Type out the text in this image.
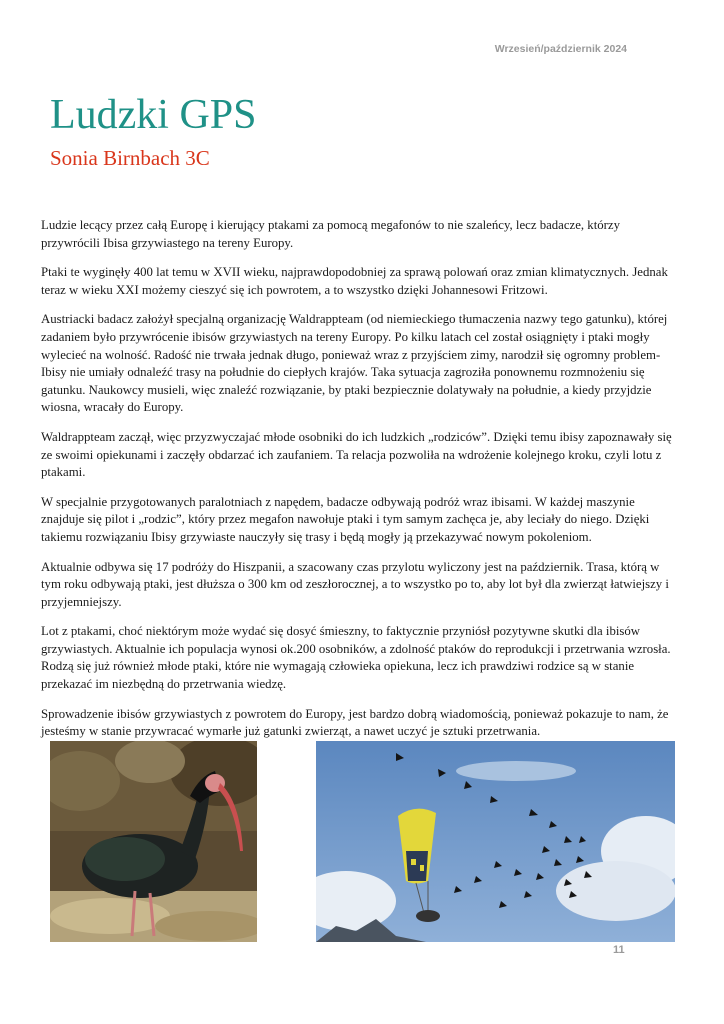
Wrzesień/październik 2024
Ludzki GPS
Sonia Birnbach 3C

Ludzie lecący przez całą Europę i kierujący ptakami za pomocą megafonów to nie szaleńcy, lecz badacze, którzy przywrócili Ibisa grzywiastego na tereny Europy.

Ptaki te wyginęły 400 lat temu w XVII wieku, najprawdopodobniej za sprawą polowań oraz zmian klimatycznych. Jednak teraz w wieku XXI możemy cieszyć się ich powrotem, a to wszystko dzięki Johannesowi Fritzowi.

Austriacki badacz założył specjalną organizację Waldrappteam (od niemieckiego tłumaczenia nazwy tego gatunku), której zadaniem było przywrócenie ibisów grzywiastych na tereny Europy. Po kilku latach cel został osiągnięty i ptaki mogły wylecieć na wolność. Radość nie trwała jednak długo, ponieważ wraz z przyjściem zimy, narodził się ogromny problem- Ibisy nie umiały odnaleźć trasy na południe do ciepłych krajów. Taka sytuacja zagroziła ponownemu rozmnożeniu się gatunku. Naukowcy musieli, więc znaleźć rozwiązanie, by ptaki bezpiecznie dolatywały na południe, a kiedy przyjdzie wiosna, wracały do Europy.

Waldrappteam zaczął, więc przyzwyczajać młode osobniki do ich ludzkich „rodziców”. Dzięki temu ibisy zapoznawały się ze swoimi opiekunami i zaczęły obdarzać ich zaufaniem. Ta relacja pozwoliła na wdrożenie kolejnego kroku, czyli lotu z ptakami.

W specjalnie przygotowanych paralotniach z napędem, badacze odbywają podróż wraz ibisami. W każdej maszynie znajduje się pilot i „rodzic”, który przez megafon nawołuje ptaki i tym samym zachęca je, aby leciały do niego. Dzięki takiemu rozwiązaniu Ibisy grzywiaste nauczyły się trasy i będą mogły ją przekazywać nowym pokoleniom.

Aktualnie odbywa się 17 podróży do Hiszpanii, a szacowany czas przylotu wyliczony jest na październik. Trasa, którą w tym roku odbywają ptaki, jest dłuższa o 300 km od zeszłorocznej, a to wszystko po to, aby lot był dla zwierząt łatwiejszy i przyjemniejszy.

Lot z ptakami, choć niektórym może wydać się dosyć śmieszny, to faktycznie przyniósł pozytywne skutki dla ibisów grzywiastych. Aktualnie ich populacja wynosi ok.200 osobników, a zdolność ptaków do reprodukcji i przetrwania wzrosła. Rodzą się już również młode ptaki, które nie wymagają człowieka opiekuna, lecz ich prawdziwi rodzice są w stanie przekazać im niezbędną do przetrwania wiedzę.

Sprowadzenie ibisów grzywiastych z powrotem do Europy, jest bardzo dobrą wiadomością, ponieważ pokazuje to nam, że jesteśmy w stanie przywracać wymarłe już gatunki zwierząt, a nawet uczyć je sztuki przetrwania.

11
